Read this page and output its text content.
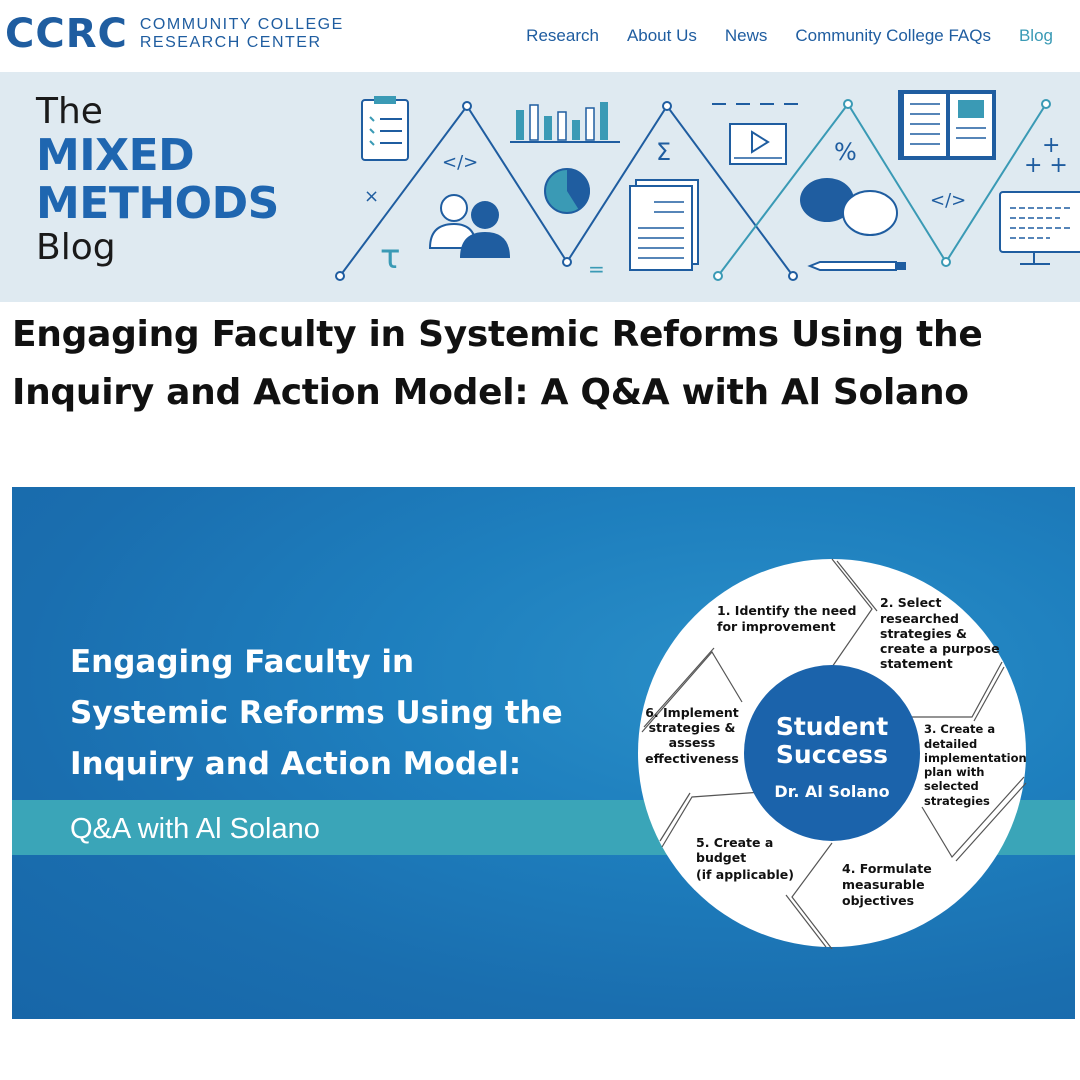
CCRC COMMUNITY COLLEGE
RESEARCH CENTER	Research About Us News Community College FAQs Blog
The
MIXED
METHODS
Blog
</>
×
τ	=
Σ	%
</>
+
+ +
Engaging Faculty in Systemic Reforms Using the Inquiry and Action Model: A Q&A with Al Solano
Engaging Faculty in
Systemic Reforms Using the
Inquiry and Action Model:
Q&A with Al Solano
Student
Success
Dr. Al Solano
1. Identify the need
for improvement
2. Select
researched
strategies &
create a purpose
statement
3. Create a
detailed
implementation
plan with
selected
strategies
4. Formulate
measurable
objectives
5. Create a
budget
(if applicable)
6. Implement
strategies &
assess
effectiveness
